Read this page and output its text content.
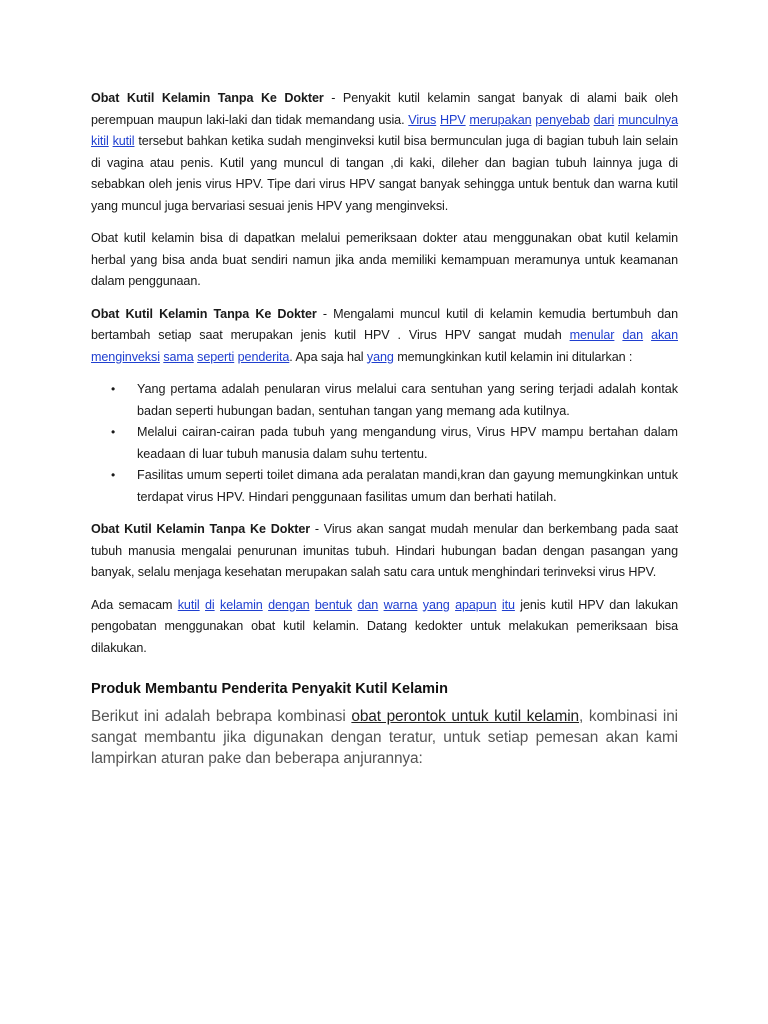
Obat Kutil Kelamin Tanpa Ke Dokter - Penyakit kutil kelamin sangat banyak di alami baik oleh perempuan maupun laki-laki dan tidak memandang usia. Virus HPV merupakan penyebab dari munculnya kitil kutil tersebut bahkan ketika sudah menginveksi kutil bisa bermunculan juga di bagian tubuh lain selain di vagina atau penis. Kutil yang muncul di tangan ,di kaki, dileher dan bagian tubuh lainnya juga di sebabkan oleh jenis virus HPV. Tipe dari virus HPV sangat banyak sehingga untuk bentuk dan warna kutil yang muncul juga bervariasi sesuai jenis HPV yang menginveksi.

Obat kutil kelamin bisa di dapatkan melalui pemeriksaan dokter atau menggunakan obat kutil kelamin herbal yang bisa anda buat sendiri namun jika anda memiliki kemampuan meramunya untuk keamanan dalam penggunaan.

Obat Kutil Kelamin Tanpa Ke Dokter - Mengalami muncul kutil di kelamin kemudia bertumbuh dan bertambah setiap saat merupakan jenis kutil HPV . Virus HPV sangat mudah menular dan akan menginveksi sama seperti penderita. Apa saja hal yang memungkinkan kutil kelamin ini ditularkan :

• Yang pertama adalah penularan virus melalui cara sentuhan yang sering terjadi adalah kontak badan seperti hubungan badan, sentuhan tangan yang memang ada kutilnya.
• Melalui cairan-cairan pada tubuh yang mengandung virus, Virus HPV mampu bertahan dalam keadaan di luar tubuh manusia dalam suhu tertentu.
• Fasilitas umum seperti toilet dimana ada peralatan mandi,kran dan gayung memungkinkan untuk terdapat virus HPV. Hindari penggunaan fasilitas umum dan berhati hatilah.

Obat Kutil Kelamin Tanpa Ke Dokter - Virus akan sangat mudah menular dan berkembang pada saat tubuh manusia mengalai penurunan imunitas tubuh. Hindari hubungan badan dengan pasangan yang banyak, selalu menjaga kesehatan merupakan salah satu cara untuk menghindari terinveksi virus HPV.

Ada semacam kutil di kelamin dengan bentuk dan warna yang apapun itu jenis kutil HPV dan lakukan pengobatan menggunakan obat kutil kelamin. Datang kedokter untuk melakukan pemeriksaan bisa dilakukan.

Produk Membantu Penderita Penyakit Kutil Kelamin

Berikut ini adalah bebrapa kombinasi obat perontok untuk kutil kelamin, kombinasi ini sangat membantu jika digunakan dengan teratur, untuk setiap pemesan akan kami lampirkan aturan pake dan beberapa anjurannya:
